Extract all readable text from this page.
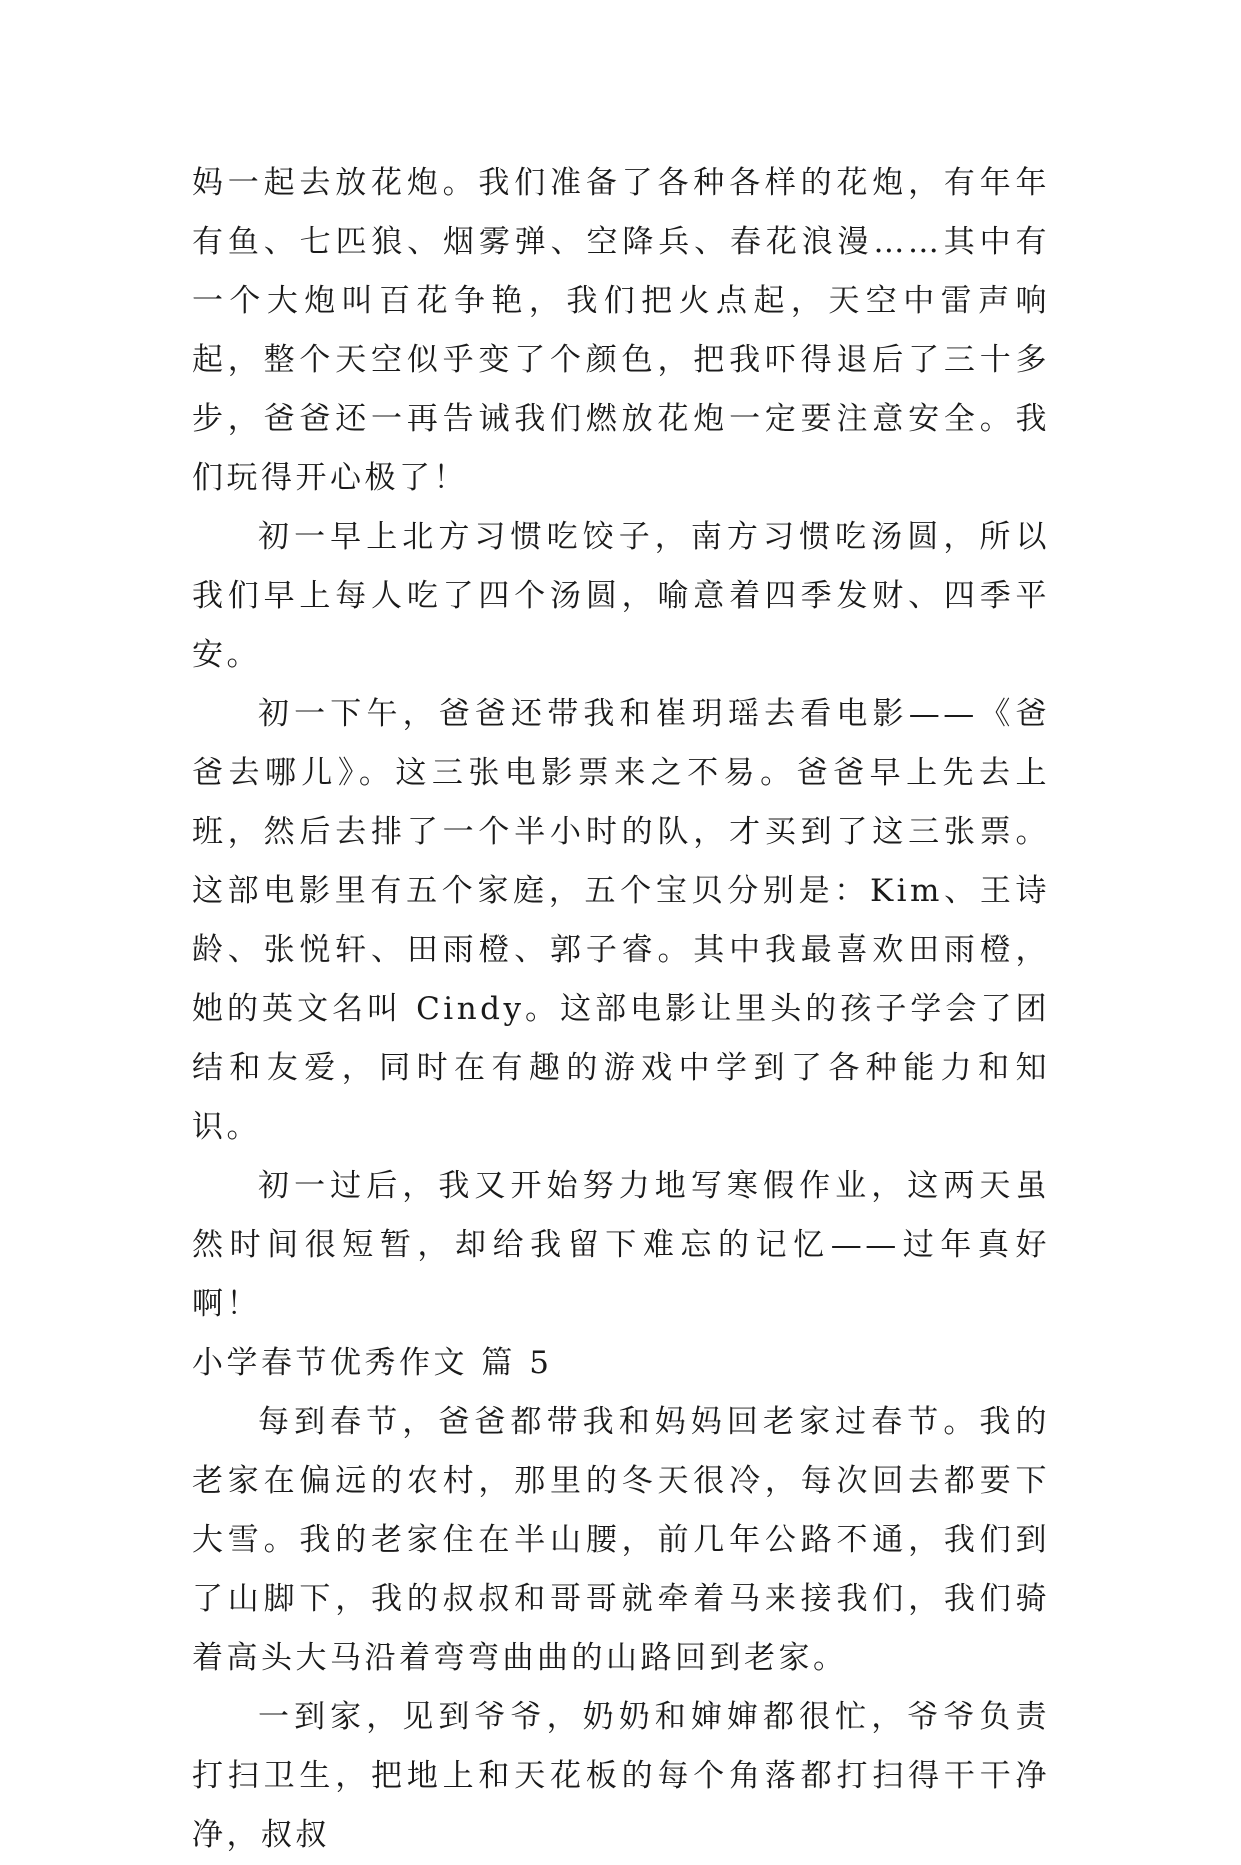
妈一起去放花炮。我们准备了各种各样的花炮，有年年有鱼、七匹狼、烟雾弹、空降兵、春花浪漫……其中有一个大炮叫百花争艳，我们把火点起，天空中雷声响起，整个天空似乎变了个颜色，把我吓得退后了三十多步，爸爸还一再告诫我们燃放花炮一定要注意安全。我们玩得开心极了！

初一早上北方习惯吃饺子，南方习惯吃汤圆，所以我们早上每人吃了四个汤圆，喻意着四季发财、四季平安。

初一下午，爸爸还带我和崔玥瑶去看电影——《爸爸去哪儿》。这三张电影票来之不易。爸爸早上先去上班，然后去排了一个半小时的队，才买到了这三张票。这部电影里有五个家庭，五个宝贝分别是：Kim、王诗龄、张悦轩、田雨橙、郭子睿。其中我最喜欢田雨橙，她的英文名叫 Cindy。这部电影让里头的孩子学会了团结和友爱，同时在有趣的游戏中学到了各种能力和知识。

初一过后，我又开始努力地写寒假作业，这两天虽然时间很短暂，却给我留下难忘的记忆——过年真好啊！

小学春节优秀作文 篇 5

每到春节，爸爸都带我和妈妈回老家过春节。我的老家在偏远的农村，那里的冬天很冷，每次回去都要下大雪。我的老家住在半山腰，前几年公路不通，我们到了山脚下，我的叔叔和哥哥就牵着马来接我们，我们骑着高头大马沿着弯弯曲曲的山路回到老家。

一到家，见到爷爷，奶奶和婶婶都很忙，爷爷负责打扫卫生，把地上和天花板的每个角落都打扫得干干净净，叔叔
